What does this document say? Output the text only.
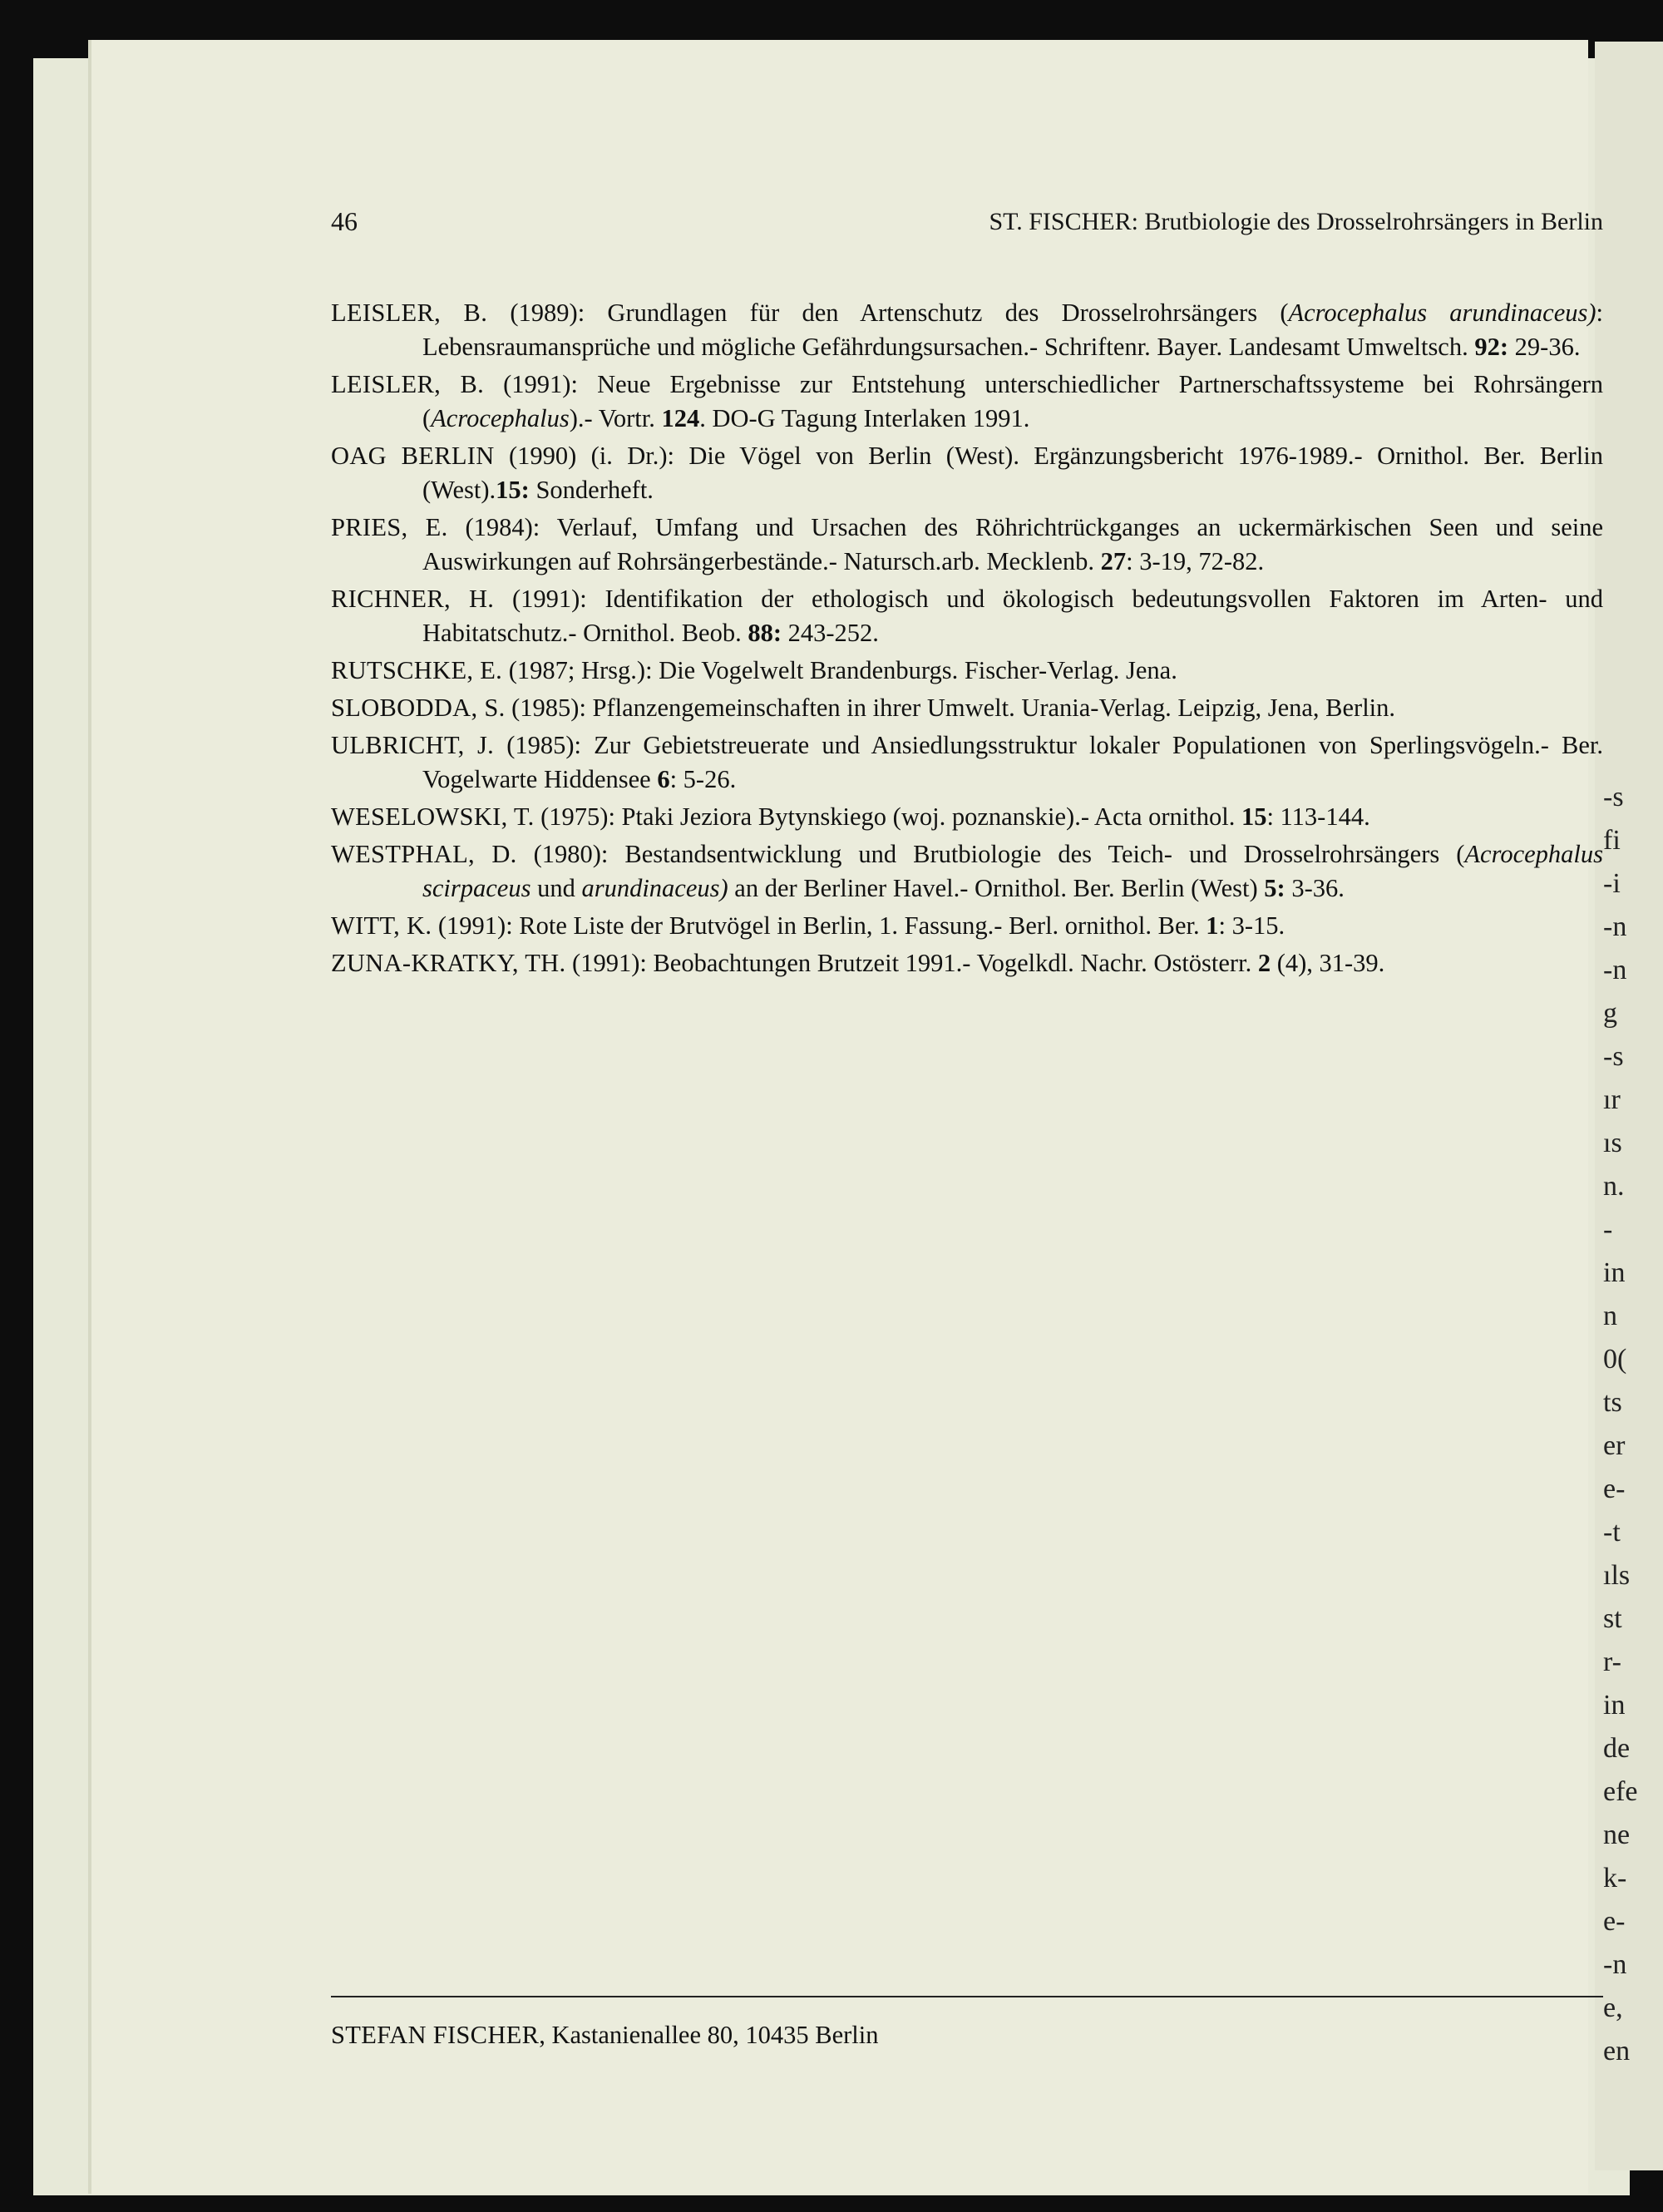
-s
fi
-i
-n
-n
g
-s
ır
ıs
n.
-
in
n
0(
ts
er
e-
-t
ıls
st
r-
in
de
efe
ne
k-
e-
-n
e,
en
46	ST. FISCHER: Brutbiologie des Drosselrohrsängers in Berlin

LEISLER, B. (1989): Grundlagen für den Artenschutz des Drosselrohrsängers (Acrocephalus arundinaceus): Lebensraumansprüche und mögliche Gefährdungsursachen.- Schriftenr. Bayer. Landesamt Umweltsch. 92: 29-36.

LEISLER, B. (1991): Neue Ergebnisse zur Entstehung unterschiedlicher Partnerschaftssysteme bei Rohrsängern (Acrocephalus).- Vortr. 124. DO-G Tagung Interlaken 1991.

OAG BERLIN (1990) (i. Dr.): Die Vögel von Berlin (West). Ergänzungsbericht 1976-1989.- Ornithol. Ber. Berlin (West).15: Sonderheft.

PRIES, E. (1984): Verlauf, Umfang und Ursachen des Röhrichtrückganges an uckermärkischen Seen und seine Auswirkungen auf Rohrsängerbestände.- Natursch.arb. Mecklenb. 27: 3-19, 72-82.

RICHNER, H. (1991): Identifikation der ethologisch und ökologisch bedeutungsvollen Faktoren im Arten- und Habitatschutz.- Ornithol. Beob. 88: 243-252.

RUTSCHKE, E. (1987; Hrsg.): Die Vogelwelt Brandenburgs. Fischer-Verlag. Jena.

SLOBODDA, S. (1985): Pflanzengemeinschaften in ihrer Umwelt. Urania-Verlag. Leipzig, Jena, Berlin.

ULBRICHT, J. (1985): Zur Gebietstreuerate und Ansiedlungsstruktur lokaler Populationen von Sperlingsvögeln.- Ber. Vogelwarte Hiddensee 6: 5-26.

WESELOWSKI, T. (1975): Ptaki Jeziora Bytynskiego (woj. poznanskie).- Acta ornithol. 15: 113-144.

WESTPHAL, D. (1980): Bestandsentwicklung und Brutbiologie des Teich- und Drosselrohrsängers (Acrocephalus scirpaceus und arundinaceus) an der Berliner Havel.- Ornithol. Ber. Berlin (West) 5: 3-36.

WITT, K. (1991): Rote Liste der Brutvögel in Berlin, 1. Fassung.- Berl. ornithol. Ber. 1: 3-15.

ZUNA-KRATKY, TH. (1991): Beobachtungen Brutzeit 1991.- Vogelkdl. Nachr. Ostösterr. 2 (4), 31-39.

STEFAN FISCHER, Kastanienallee 80, 10435 Berlin
